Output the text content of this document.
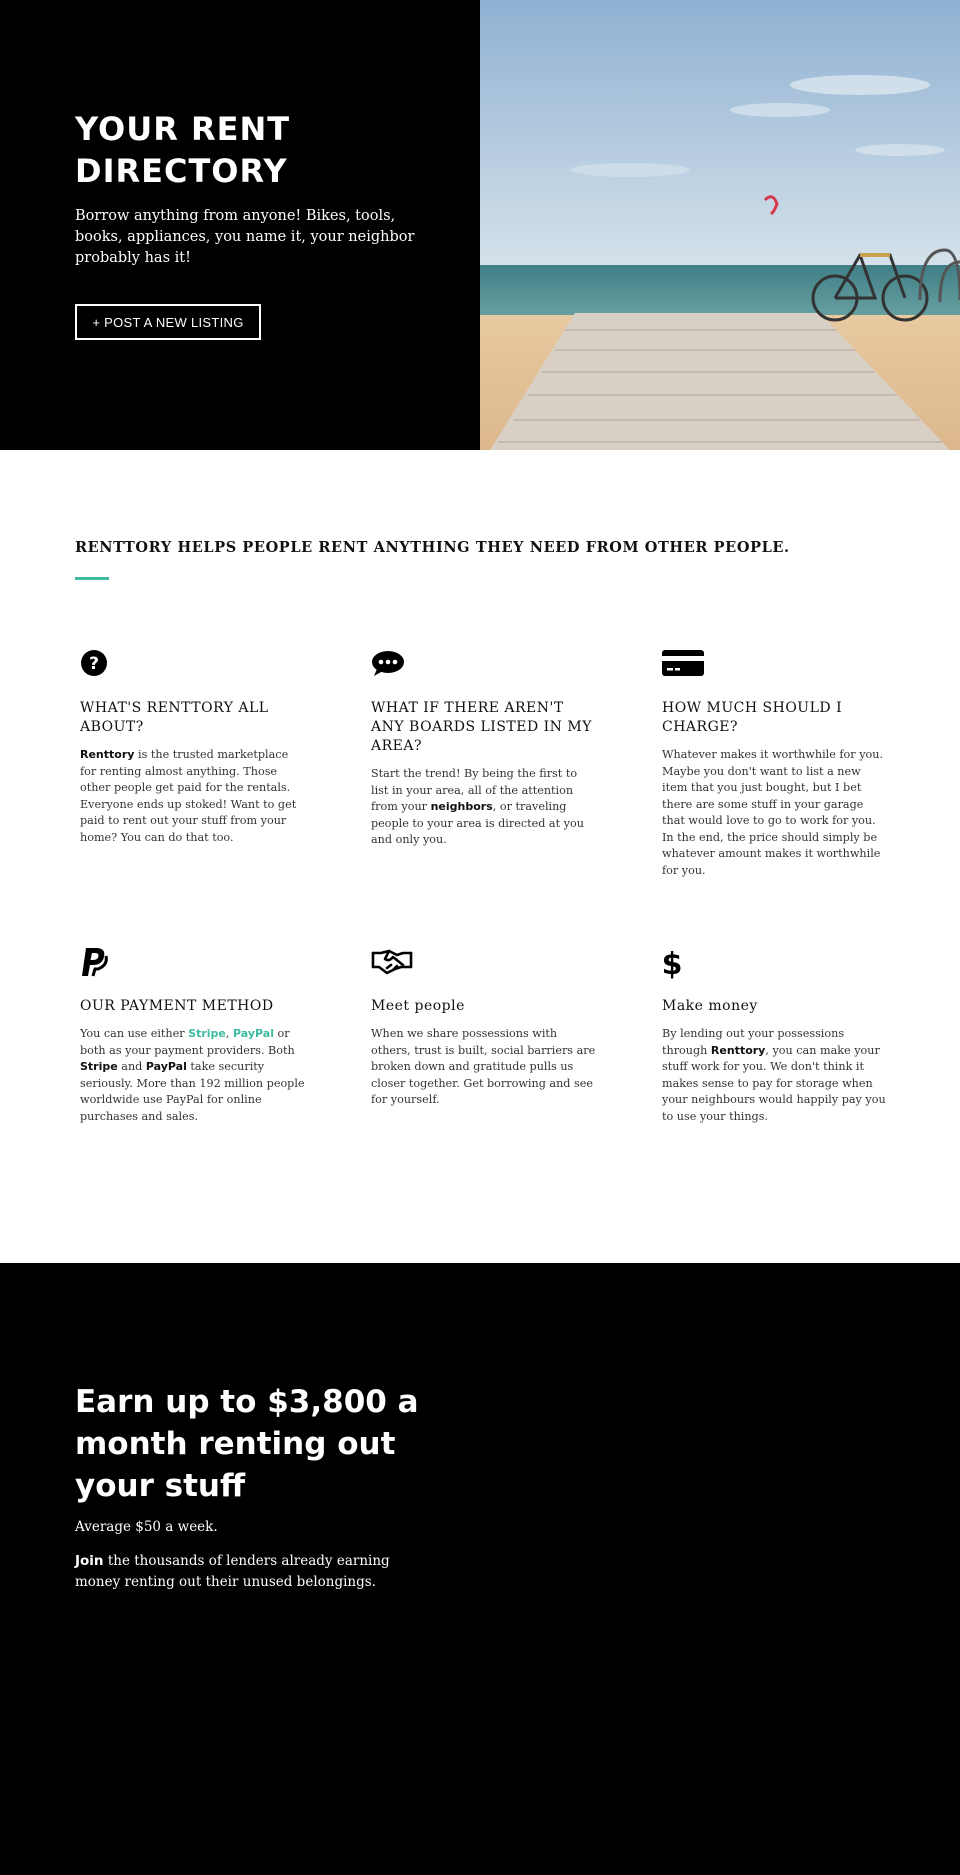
YOUR RENT DIRECTORY

Borrow anything from anyone! Bikes, tools, books, appliances, you name it, your neighbor probably has it!

+ POST A NEW LISTING
RENTTORY HELPS PEOPLE RENT ANYTHING THEY NEED FROM OTHER PEOPLE.
?
WHAT'S RENTTORY ALL ABOUT?

Renttory is the trusted marketplace for renting almost anything. Those other people get paid for the rentals. Everyone ends up stoked! Want to get paid to rent out your stuff from your home? You can do that too.

WHAT IF THERE AREN'T ANY BOARDS LISTED IN MY AREA?

Start the trend! By being the first to list in your area, all of the attention from your neighbors, or traveling people to your area is directed at you and only you.

HOW MUCH SHOULD I CHARGE?

Whatever makes it worthwhile for you. Maybe you don't want to list a new item that you just bought, but I bet there are some stuff in your garage that would love to go to work for you. In the end, the price should simply be whatever amount makes it worthwhile for you.

OUR PAYMENT METHOD

You can use either Stripe, PayPal or both as your payment providers. Both Stripe and PayPal take security seriously. More than 192 million people worldwide use PayPal for online purchases and sales.

Meet people

When we share possessions with others, trust is built, social barriers are broken down and gratitude pulls us closer together. Get borrowing and see for yourself.

$
Make money

By lending out your possessions through Renttory, you can make your stuff work for you. We don't think it makes sense to pay for storage when your neighbours would happily pay you to use your things.

Earn up to $3,800 a month renting out your stuff

Average $50 a week.

Join the thousands of lenders already earning money renting out their unused belongings.
